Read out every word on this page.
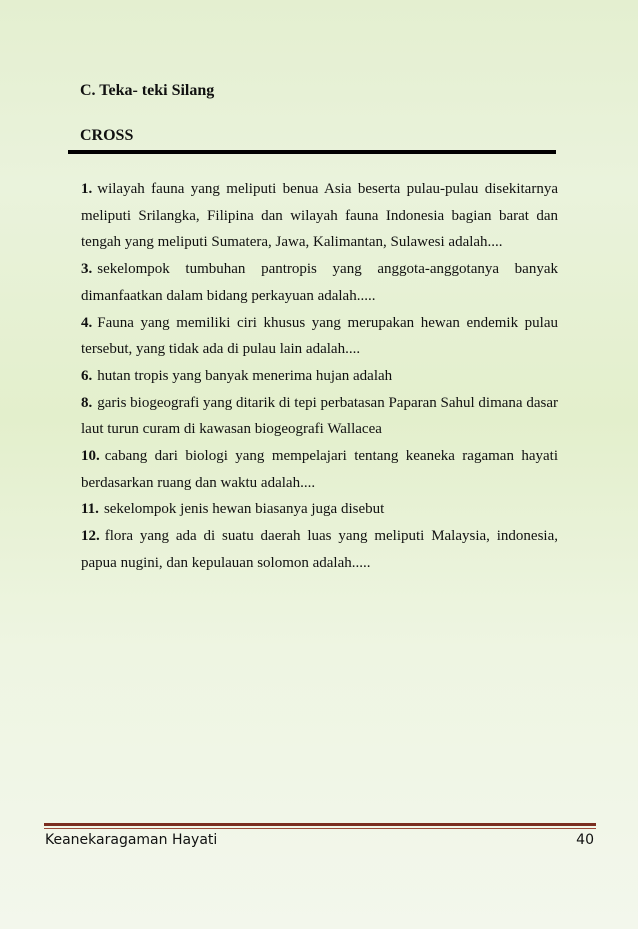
C. Teka- teki Silang
CROSS
1. wilayah fauna yang meliputi benua Asia beserta pulau-pulau disekitarnya meliputi Srilangka, Filipina dan wilayah fauna Indonesia bagian barat dan tengah yang meliputi Sumatera, Jawa, Kalimantan, Sulawesi adalah....
3. sekelompok tumbuhan pantropis yang anggota-anggotanya banyak dimanfaatkan dalam bidang perkayuan adalah.....
4. Fauna yang memiliki ciri khusus yang merupakan hewan endemik pulau tersebut, yang tidak ada di pulau lain adalah....
6. hutan tropis yang banyak menerima hujan adalah
8. garis biogeografi yang ditarik di tepi perbatasan Paparan Sahul dimana dasar laut turun curam di kawasan biogeografi Wallacea
10. cabang dari biologi yang mempelajari tentang keaneka ragaman hayati berdasarkan ruang dan waktu adalah....
11. sekelompok jenis hewan biasanya juga disebut
12. flora yang ada di suatu daerah luas yang meliputi Malaysia, indonesia, papua nugini, dan kepulauan solomon adalah.....
Keanekaragaman Hayati	40
